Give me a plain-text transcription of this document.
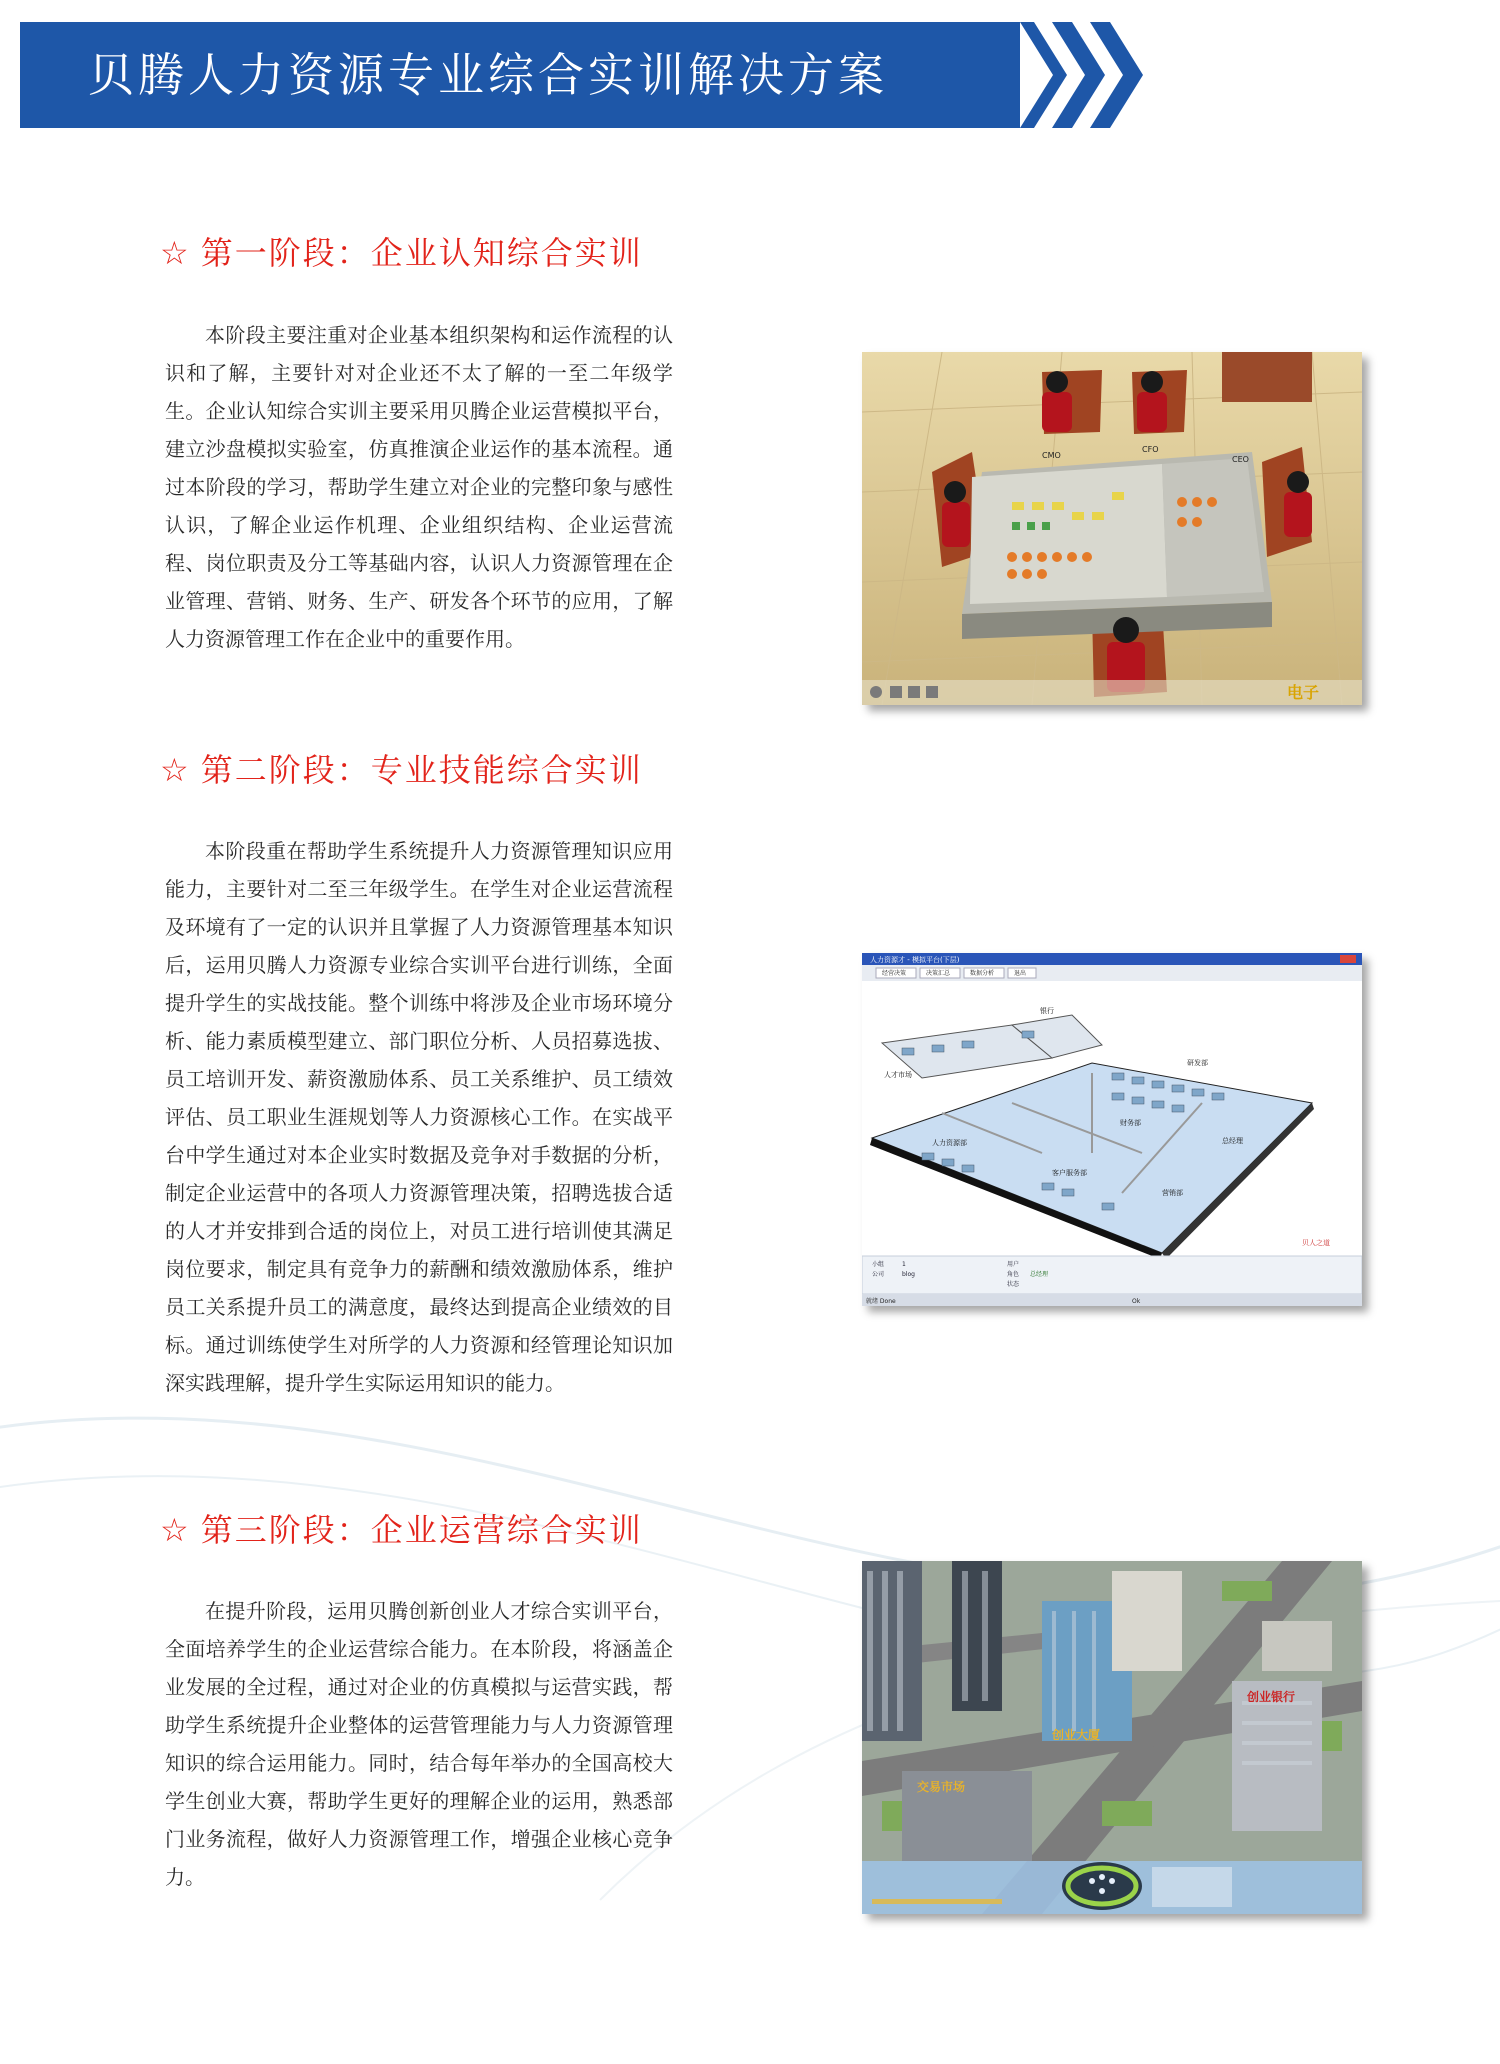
贝腾人力资源专业综合实训解决方案
☆ 第一阶段：企业认知综合实训
本阶段主要注重对企业基本组织架构和运作流程的认识和了解，主要针对对企业还不太了解的一至二年级学生。企业认知综合实训主要采用贝腾企业运营模拟平台，建立沙盘模拟实验室，仿真推演企业运作的基本流程。通过本阶段的学习，帮助学生建立对企业的完整印象与感性认识，了解企业运作机理、企业组织结构、企业运营流程、岗位职责及分工等基础内容，认识人力资源管理在企业管理、营销、财务、生产、研发各个环节的应用，了解人力资源管理工作在企业中的重要作用。
CMO
CFO
CEO
电子
☆ 第二阶段：专业技能综合实训
本阶段重在帮助学生系统提升人力资源管理知识应用能力，主要针对二至三年级学生。在学生对企业运营流程及环境有了一定的认识并且掌握了人力资源管理基本知识后，运用贝腾人力资源专业综合实训平台进行训练，全面提升学生的实战技能。整个训练中将涉及企业市场环境分析、能力素质模型建立、部门职位分析、人员招募选拔、员工培训开发、薪资激励体系、员工关系维护、员工绩效评估、员工职业生涯规划等人力资源核心工作。在实战平台中学生通过对本企业实时数据及竞争对手数据的分析，制定企业运营中的各项人力资源管理决策，招聘选拔合适的人才并安排到合适的岗位上，对员工进行培训使其满足岗位要求，制定具有竞争力的薪酬和绩效激励体系，维护员工关系提升员工的满意度，最终达到提高企业绩效的目标。通过训练使学生对所学的人力资源和经管理论知识加深实践理解，提升学生实际运用知识的能力。
人力资源才 - 模拟平台(下层)
经营决策	决策汇总	数据分析	退出
银行
人才市场
研发部
财务部
总经理
人力资源部
客户服务部
营销部
贝人之道
小组	1
公司	blog
用户
角色 总经理
状态
就绪 Done	Ok
☆ 第三阶段：企业运营综合实训
在提升阶段，运用贝腾创新创业人才综合实训平台，全面培养学生的企业运营综合能力。在本阶段，将涵盖企业发展的全过程，通过对企业的仿真模拟与运营实践，帮助学生系统提升企业整体的运营管理能力与人力资源管理知识的综合运用能力。同时，结合每年举办的全国高校大学生创业大赛，帮助学生更好的理解企业的运用，熟悉部门业务流程，做好人力资源管理工作，增强企业核心竞争力。
创业大厦
创业银行
交易市场
